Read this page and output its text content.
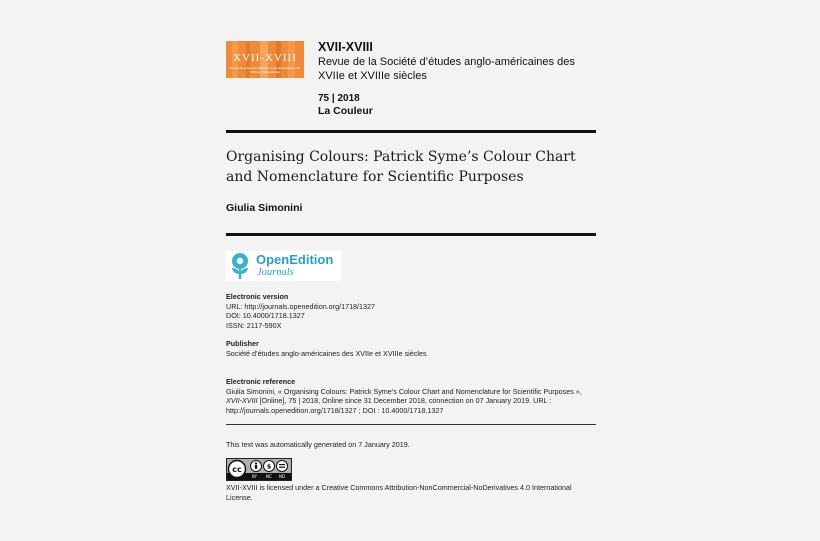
XVII-XVIII
Revue de la Société d'études anglo-américaines des XVIIe et XVIIIe siècles
XVII-XVIII
Revue de la Société d’études anglo-américaines des XVIIe et XVIIIe siècles
75 | 2018
La Couleur
Organising Colours: Patrick Syme’s Colour Chart and Nomenclature for Scientific Purposes
Giulia Simonini
OpenEdition
Journals
Electronic version
URL: http://journals.openedition.org/1718/1327
DOI: 10.4000/1718.1327
ISSN: 2117-590X
Publisher
Société d’études anglo-américaines des XVIIe et XVIIIe siècles
Electronic reference
Giulia Simonini, « Organising Colours: Patrick Syme’s Colour Chart and Nomenclature for Scientific Purposes », XVII-XVIII [Online], 75 | 2018, Online since 31 December 2018, connection on 07 January 2019. URL : http://journals.openedition.org/1718/1327 ; DOI : 10.4000/1718.1327
This text was automatically generated on 7 January 2019.
cc	$
BY NC ND
XVII-XVIII is licensed under a Creative Commons Attribution-NonCommercial-NoDerivatives 4.0 International License.
